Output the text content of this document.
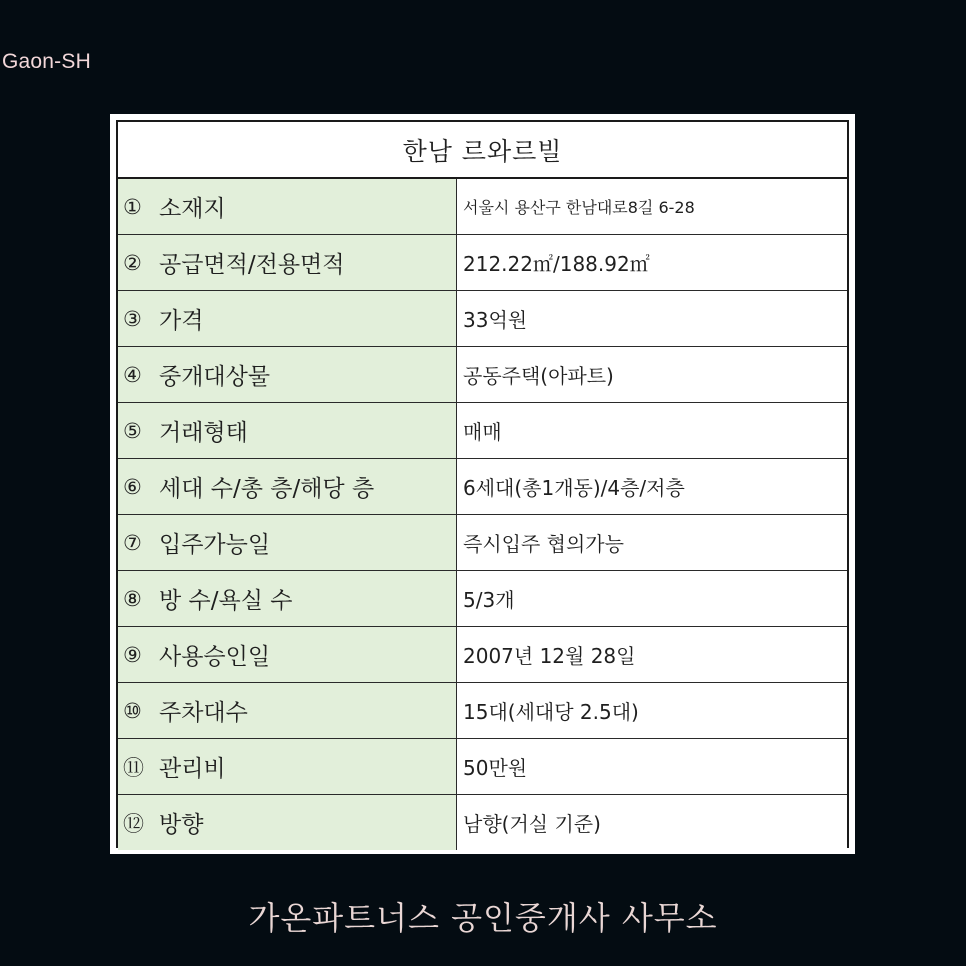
Gaon-SH
한남 르와르빌
① 소재지	서울시 용산구 한남대로8길 6-28
② 공급면적/전용면적	212.22㎡/188.92㎡
③ 가격	33억원
④ 중개대상물	공동주택(아파트)
⑤ 거래형태	매매
⑥ 세대 수/총 층/해당 층	6세대(총1개동)/4층/저층
⑦ 입주가능일	즉시입주 협의가능
⑧ 방 수/욕실 수	5/3개
⑨ 사용승인일	2007년 12월 28일
⑩ 주차대수	15대(세대당 2.5대)
⑪ 관리비	50만원
⑫ 방향	남향(거실 기준)
가온파트너스 공인중개사 사무소
